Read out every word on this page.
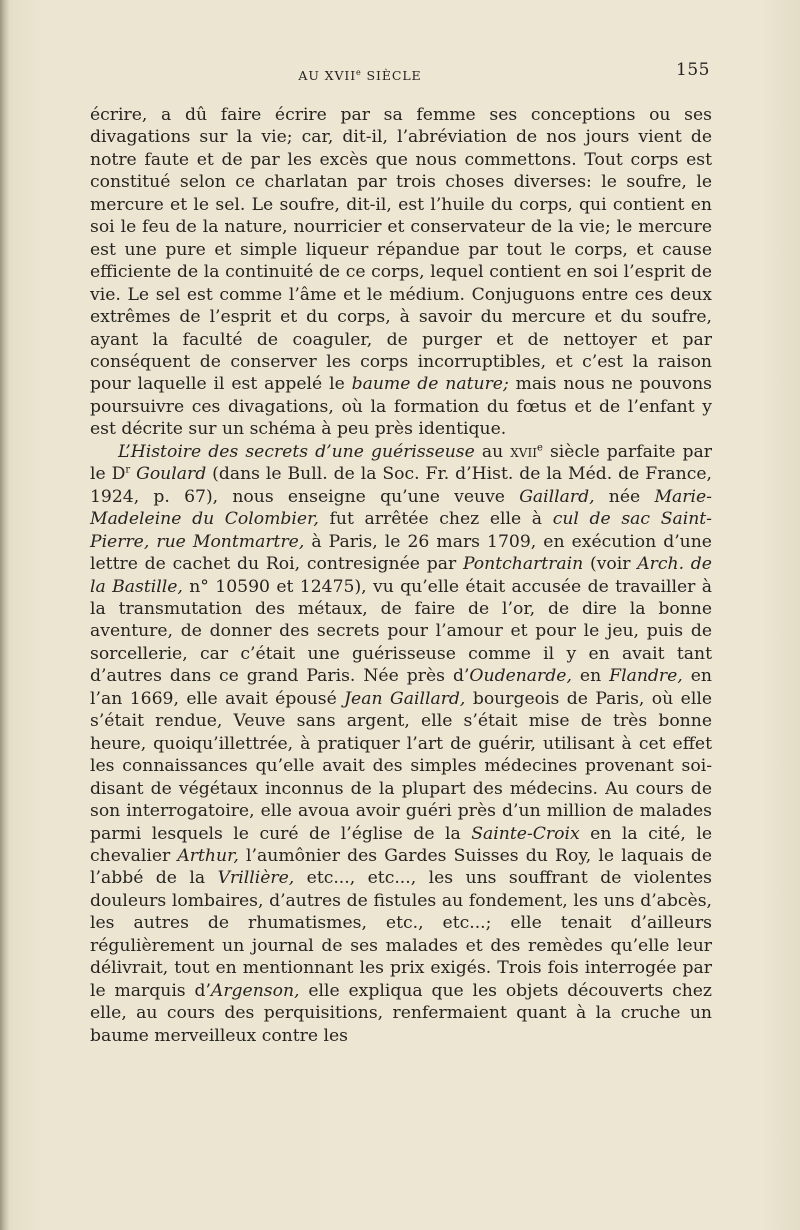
AU XVIIe SIÈCLE	155

écrire, a dû faire écrire par sa femme ses conceptions ou ses divagations sur la vie; car, dit-il, l’abréviation de nos jours vient de notre faute et de par les excès que nous commettons. Tout corps est constitué selon ce charlatan par trois choses diverses: le soufre, le mercure et le sel. Le soufre, dit-il, est l’huile du corps, qui contient en soi le feu de la nature, nourricier et conservateur de la vie; le mercure est une pure et simple liqueur répandue par tout le corps, et cause efficiente de la continuité de ce corps, lequel contient en soi l’esprit de vie. Le sel est comme l’âme et le médium. Conjuguons entre ces deux extrêmes de l’esprit et du corps, à savoir du mercure et du soufre, ayant la faculté de coaguler, de purger et de nettoyer et par conséquent de conserver les corps incorruptibles, et c’est la raison pour laquelle il est appelé le baume de nature; mais nous ne pouvons poursuivre ces divagations, où la formation du fœtus et de l’enfant y est décrite sur un schéma à peu près identique.

L’Histoire des secrets d’une guérisseuse au xvii$^e$ siècle parfaite par le $D^r$ Goulard (dans le Bull. de la Soc. Fr. d’Hist. de la Méd. de France, 1924, p. 67), nous enseigne qu’une veuve Gaillard, née Marie-Madeleine du Colombier, fut arrêtée chez elle à cul de sac Saint-Pierre, rue Montmartre, à Paris, le 26 mars 1709, en exécution d’une lettre de cachet du Roi, contresignée par Pontchartrain (voir Arch. de la Bastille, n° 10590 et 12475), vu qu’elle était accusée de travailler à la transmutation des métaux, de faire de l’or, de dire la bonne aventure, de donner des secrets pour l’amour et pour le jeu, puis de sorcellerie, car c’était une guérisseuse comme il y en avait tant d’autres dans ce grand Paris. Née près d’Oudenarde, en Flandre, en l’an 1669, elle avait épousé Jean Gaillard, bourgeois de Paris, où elle s’était rendue, Veuve sans argent, elle s’était mise de très bonne heure, quoiqu’illettrée, à pratiquer l’art de guérir, utilisant à cet effet les connaissances qu’elle avait des simples médecines provenant soi-disant de végétaux inconnus de la plupart des médecins. Au cours de son interrogatoire, elle avoua avoir guéri près d’un million de malades parmi lesquels le curé de l’église de la Sainte-Croix en la cité, le chevalier Arthur, l’aumônier des Gardes Suisses du Roy, le laquais de l’abbé de la Vrillière, etc..., etc..., les uns souffrant de violentes douleurs lombaires, d’autres de fistules au fondement, les uns d’abcès, les autres de rhumatismes, etc., etc...; elle tenait d’ailleurs régulièrement un journal de ses malades et des remèdes qu’elle leur délivrait, tout en mentionnant les prix exigés. Trois fois interrogée par le marquis d’Argenson, elle expliqua que les objets découverts chez elle, au cours des perquisitions, renfermaient quant à la cruche un baume merveilleux contre les
